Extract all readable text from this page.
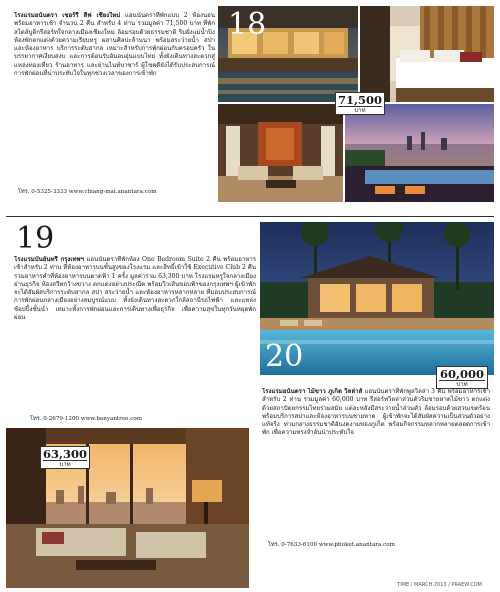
โรงแรมอนันตรา เชอร์รี่ ลีฟ เชียงใหม่ แอนนันตราที่พักแบบ 2 ห้องนอน พร้อมอาหารเช้า จำนวน 2 คืน สำหรับ 4 ท่าน รวมมูลค่า 71,500 บาท ที่พักสไตล์บูติกรีสอร์ทใจกลางเมืองเชียงใหม่ ล้อมรอบด้วยธรรมชาติ ริมฝั่งแม่น้ำปิง ห้องพักตกแต่งด้วยความเรียบหรู ผสานศิลปะล้านนา พร้อมสระว่ายน้ำ สปา และห้องอาหาร บริการระดับสากล เหมาะสำหรับการพักผ่อนกับครอบครัว ในบรรยากาศเงียบสงบ และการต้อนรับอันอบอุ่นแบบไทย ทั้งยังเดินทางสะดวกสู่แหล่งท่องเที่ยว ร้านอาหาร และย่านไนท์บาซาร์ ผู้โชคดียังได้รับประสบการณ์การพักผ่อนที่น่าประทับใจในทุกช่วงเวลาของการเข้าพัก

โทร. 0-5325-3333 www.chiang-mai.anantara.com
18
71,500
บาท
19

โรงแรมบันยันทรี กรุงเทพฯ แอนนันตราที่พักห้อง One Bedroom Suite 2 คืน พร้อมอาหารเช้าสำหรับ 2 ท่าน ที่ห้องอาหารบนชั้นสูงของโรงแรม และสิทธิ์เข้าใช้ Executive Club 2 คืน รวมอาหารค่ำที่ห้องอาหารบนดาดฟ้า 1 ครั้ง มูลค่ารวม 63,300 บาท โรงแรมหรูใจกลางเมืองย่านธุรกิจ ห้องสวีทกว้างขวาง ตกแต่งอย่างประณีต พร้อมวิวเส้นขอบฟ้าของกรุงเทพฯ ผู้เข้าพักจะได้สัมผัสบริการระดับสากล สปา สระว่ายน้ำ และห้องอาหารหลากหลาย ที่มอบประสบการณ์การพักผ่อนกลางเมืองอย่างสมบูรณ์แบบ ทั้งยังเดินทางสะดวกใกล้สถานีรถไฟฟ้า และแหล่งช้อปปิ้งชั้นนำ เหมาะทั้งการพักผ่อนและการเดินทางเพื่อธุรกิจ เพื่อความสุขในทุกวันหยุดพักผ่อน

โทร. 0-2679-1200 www.banyantree.com
63,300
บาท
20	60,000
บาท

โรงแรมอนันตรา ไม้ขาว ภูเก็ต วิลล่าส์ แอนนันตราที่พักพูลวิลล่า 3 คืน พร้อมอาหารเช้าสำหรับ 2 ท่าน รวมมูลค่า 60,000 บาท รีสอร์ทวิลล่าส่วนตัวริมชายหาดไม้ขาว ตกแต่งด้วยสถาปัตยกรรมไทยร่วมสมัย แต่ละหลังมีสระว่ายน้ำส่วนตัว ล้อมรอบด้วยสวนเขตร้อน พร้อมบริการสปาและห้องอาหารบนชายหาด ผู้เข้าพักจะได้สัมผัสความเป็นส่วนตัวอย่างแท้จริง ท่ามกลางธรรมชาติอันงดงามของภูเก็ต พร้อมกิจกรรมหลากหลายตลอดการเข้าพัก เพื่อความทรงจำอันน่าประทับใจ

โทร. 0-7633-6100 www.phuket.anantara.com
TIME / MARCH 2013 / PRAEW.COM
